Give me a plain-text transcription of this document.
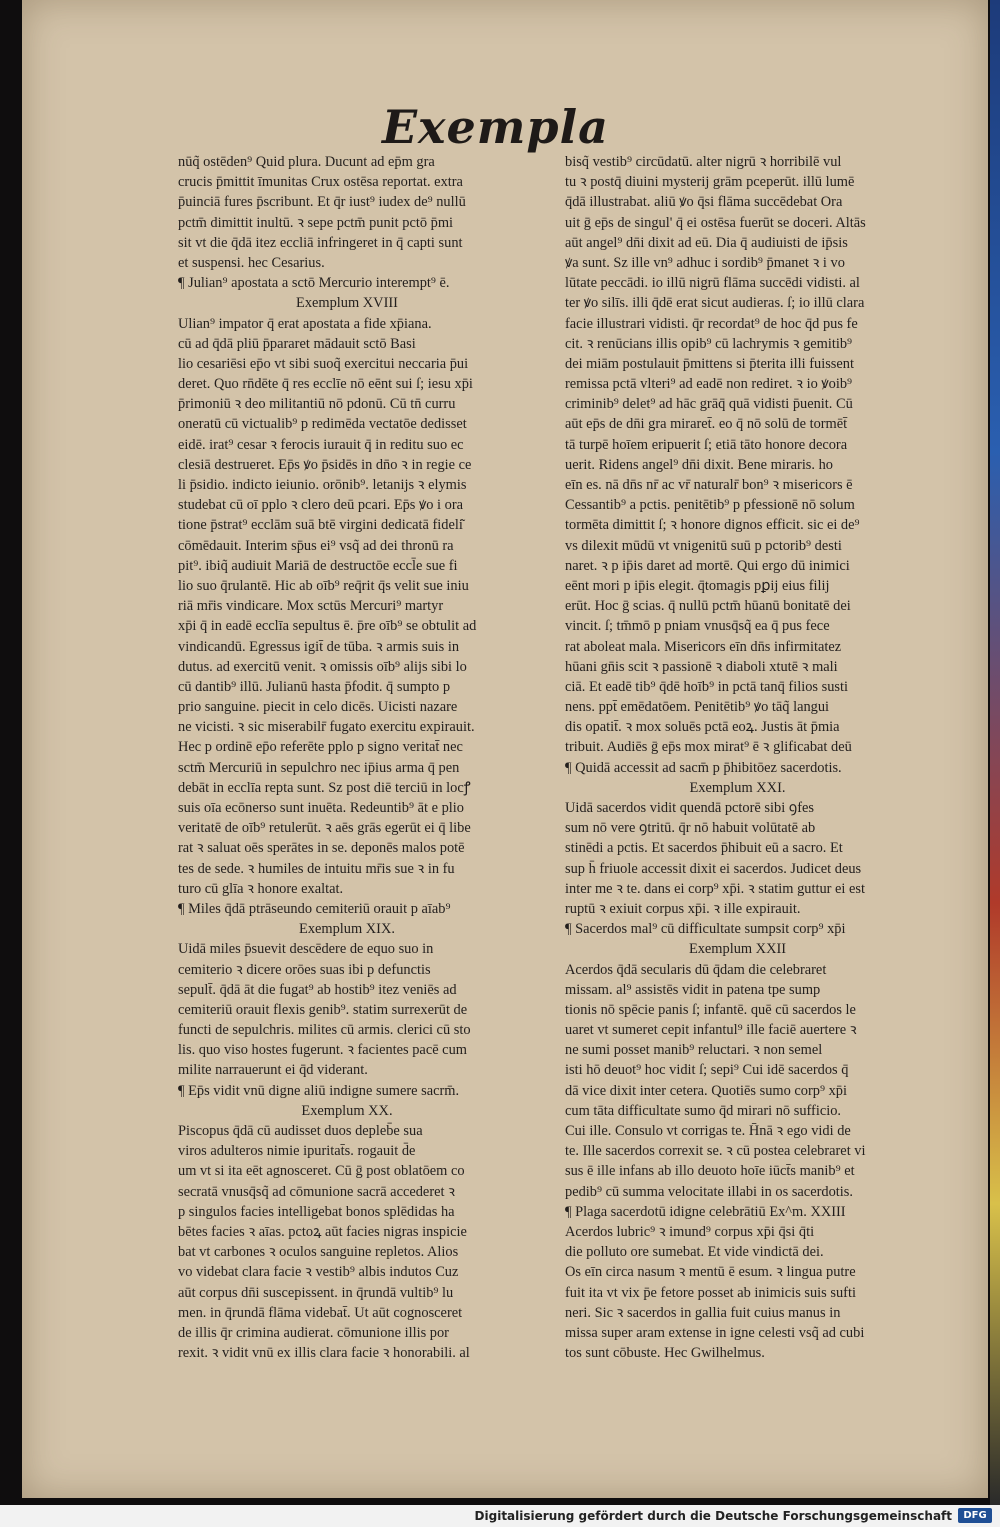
Exempla
nūq̃ ostēden⁹ Quid plura. Ducunt ad ep̄m gra
crucis p̄mittit īmunitas Crux ostēsa reportat. extra
p̄uinciā fures p̄scribunt. Et q̄r iust⁹ iudex de⁹ nullū
pctm̄ dimittit inultū. ꝛ sepe pctm̄ punit pctō p̄mi
sit vt die q̄dā itez eccliā infringeret in q̄ capti sunt
et suspensi. hec Cesarius.
¶ Julian⁹ apostata a sctō Mercurio interempt⁹ ē.
Exemplum XVIII
Ulian⁹ impator q̄ erat apostata a fide xp̄iana.
cū ad q̄dā pliū p̄pararet mādauit sctō Basi
lio cesariēsi ep̄o vt sibi suoq̃ exercitui neccaria p̄ui
deret. Quo rn̄dēte q̄ res ecclīe nō eēnt sui ſ; iesu xp̄i
p̄rimoniū ꝛ deo militantiū nō pdonū. Cū tn̄ curru
oneratū cū victualib⁹ p redimēda vectatōe dedisset
eidē. irat⁹ cesar ꝛ ferocis iurauit q̄ in reditu suo ec
clesiā destrueret. Ep̄s ꝟo p̄sidēs in dn̄o ꝛ in regie ce
li p̄sidio. indicto ieiunio. orōnib⁹. letanijs ꝛ elymis
studebat cū oī pplo ꝛ clero deū pcari. Ep̄s ꝟo i ora
tione p̄strat⁹ ecclām suā btē virgini dedicatā fideli͂
cōmēdauit. Interim sp̄us ei⁹ vsq̃ ad dei thronū ra
pit⁹. ibiq̃ audiuit Mariā de destructōe eccl̄e sue fi
lio suo q̄rulantē. Hic ab oīb⁹ req̄rit q̄s velit sue iniu
riā mr̄is vindicare. Mox sctūs Mercuri⁹ martyr
xp̄i q̄ in eadē ecclīa sepultus ē. p̄re oīb⁹ se obtulit ad
vindicandū. Egressus igit̄ de tūba. ꝛ armis suis in
dutus. ad exercitū venit. ꝛ omissis oīb⁹ alijs sibi lo
cū dantib⁹ illū. Julianū hasta p̄fodit. q̄ sumpto p
prio sanguine. piecit in celo dicēs. Uicisti nazare
ne vicisti. ꝛ sic miserabilr̄ fugato exercitu expirauit.
Hec p ordinē ep̄o referēte pplo p signo veritat̄ nec
sctm̄ Mercuriū in sepulchro nec ip̄ius arma q̄ pen
debāt in ecclīa repta sunt. Sz post diē terciū in locꝭ
suis oīa ecōnerso sunt inuēta. Redeuntib⁹ āt e plio
veritatē de oīb⁹ retulerūt. ꝛ aēs grās egerūt ei q̄ libe
rat ꝛ saluat oēs sperātes in se. deponēs malos potē
tes de sede. ꝛ humiles de intuitu mr̄is sue ꝛ in fu
turo cū glīa ꝛ honore exaltat.
¶ Miles q̄dā ptrāseundo cemiteriū orauit p aīab⁹
Exemplum XIX.
Uidā miles p̄suevit descēdere de equo suo in
cemiterio ꝛ dicere orōes suas ibi p defunctis
sepult̄. q̄dā āt die fugat⁹ ab hostib⁹ itez veniēs ad
cemiteriū orauit flexis genib⁹. statim surrexerūt de
functi de sepulchris. milites cū armis. clerici cū sto
lis. quo viso hostes fugerunt. ꝛ facientes pacē cum
milite narrauerunt ei q̄d viderant.
¶ Ep̄s vidit vnū digne aliū indigne sumere sacrm̄.
Exemplum XX.
Piscopus q̄dā cū audisset duos depleb̄e sua
viros adulteros nimie ipuritat̄s. rogauit d̄e
um vt si ita eēt agnosceret. Cū ḡ post oblatōem co
secratā vnusq̄sq̃ ad cōmunione sacrā accederet ꝛ
p singulos facies intelligebat bonos splēdidas ha
bētes facies ꝛ aīas. pctoꝝ aūt facies nigras inspicie
bat vt carbones ꝛ oculos sanguine repletos. Alios
vo videbat clara facie ꝛ vestib⁹ albis indutos Cuz
aūt corpus dn̄i suscepissent. in q̄rundā vultib⁹ lu
men. in q̄rundā flāma videbat̄. Ut aūt cognosceret
de illis q̄r crimina audierat. cōmunione illis por
rexit. ꝛ vidit vnū ex illis clara facie ꝛ honorabili. al
bisq̃ vestib⁹ circūdatū. alter nigrū ꝛ horribilē vul
tu ꝛ postq̄ diuini mysterij grām pceperūt. illū lumē
q̄dā illustrabat. aliū ꝟo q̄si flāma succēdebat Ora
uit ḡ ep̄s de singul' q̄ ei ostēsa fuerūt se doceri. Altās
aūt angel⁹ dn̄i dixit ad eū. Dia q̄ audiuisti de ip̄sis
ꝟa sunt. Sz ille vn⁹ adhuc i sordib⁹ p̄manet ꝛ i vo
lūtate peccādi. io illū nigrū flāma succēdi vidisti. al
ter ꝟo silīs. illi q̄dē erat sicut audieras. ſ; io illū clara
facie illustrari vidisti. q̄r recordat⁹ de hoc q̄d pus fe
cit. ꝛ renūcians illis opib⁹ cū lachrymis ꝛ gemitib⁹
dei miām postulauit p̄mittens si p̄terita illi fuissent
remissa pctā vlteri⁹ ad eadē non rediret. ꝛ io ꝟoib⁹
criminib⁹ delet⁹ ad hāc grāq̄ quā vidisti p̄uenit. Cū
aūt ep̄s de dn̄i gra miraret̄. eo q̄ nō solū de tormēt̄
tā turpē hoīem eripuerit ſ; etiā tāto honore decora
uerit. Ridens angel⁹ dn̄i dixit. Bene miraris. ho
eīn es. nā dn̄s nr̄ ac vr̄ naturalr̄ bon⁹ ꝛ misericors ē
Cessantib⁹ a pctis. penitētib⁹ p pfessionē nō solum
tormēta dimittit ſ; ꝛ honore dignos efficit. sic ei de⁹
vs dilexit mūdū vt vnigenitū suū p pctorib⁹ desti
naret. ꝛ p ip̄is daret ad mortē. Qui ergo dū inimici
eēnt mori p ip̄is elegit. q̄tomagis pꝑij eius filij
erūt. Hoc ḡ scias. q̄ nullū pctm̄ hūanū bonitatē dei
vincit. ſ; tm̄mō p pniam vnusq̄sq̃ ea q̄ pus fece
rat aboleat mala. Misericors eīn dn̄s infirmitatez
hūani gn̄is scit ꝛ passionē ꝛ diaboli xtutē ꝛ mali
ciā. Et eadē tib⁹ q̄dē hoīb⁹ in pctā tanq̄ filios susti
nens. ppt̄ emēdatōem. Penitētib⁹ ꝟo tāq̃ langui
dis opatit̄. ꝛ mox soluēs pctā eoꝝ. Justis āt p̄mia
tribuit. Audiēs ḡ ep̄s mox mirat⁹ ē ꝛ glificabat deū
¶ Quidā accessit ad sacm̄ p p̄hibitōez sacerdotis.
Exemplum XXI.
Uidā sacerdos vidit quendā pctorē sibi ꝯfes
sum nō vere ꝯtritū. q̄r nō habuit volūtatē ab
stinēdi a pctis. Et sacerdos p̄hibuit eū a sacro. Et
sup h̄ friuole accessit dixit ei sacerdos. Judicet deus
inter me ꝛ te. dans ei corp⁹ xp̄i. ꝛ statim guttur ei est
ruptū ꝛ exiuit corpus xp̄i. ꝛ ille expirauit.
¶ Sacerdos mal⁹ cū difficultate sumpsit corp⁹ xp̄i
Exemplum XXII
Acerdos q̄dā secularis dū q̄dam die celebraret
missam. al⁹ assistēs vidit in patena tpe sump
tionis nō spēcie panis ſ; infantē. quē cū sacerdos le
uaret vt sumeret cepit infantul⁹ ille faciē auertere ꝛ
ne sumi posset manib⁹ reluctari. ꝛ non semel
isti hō deuot⁹ hoc vidit ſ; sepi⁹ Cui idē sacerdos q̄
dā vice dixit inter cetera. Quotiēs sumo corp⁹ xp̄i
cum tāta difficultate sumo q̄d mirari nō sufficio.
Cui ille. Consulo vt corrigas te. H̄nā ꝛ ego vidi de
te. Ille sacerdos correxit se. ꝛ cū postea celebraret vi
sus ē ille infans ab illo deuoto hoīe iūct̄s manib⁹ et
pedib⁹ cū summa velocitate illabi in os sacerdotis.
¶ Plaga sacerdotū idigne celebrātiū Ex^m. XXIII
Acerdos lubric⁹ ꝛ imund⁹ corpus xp̄i q̄si q̄ti
die polluto ore sumebat. Et vide vindictā dei.
Os eīn circa nasum ꝛ mentū ē esum. ꝛ lingua putre
fuit ita vt vix p̄e fetore posset ab inimicis suis sufti
neri. Sic ꝛ sacerdos in gallia fuit cuius manus in
missa super aram extense in igne celesti vsq̃ ad cubi
tos sunt cōbuste. Hec Gwilhelmus.
Digitalisierung gefördert durch die Deutsche Forschungsgemeinschaft	DFG
